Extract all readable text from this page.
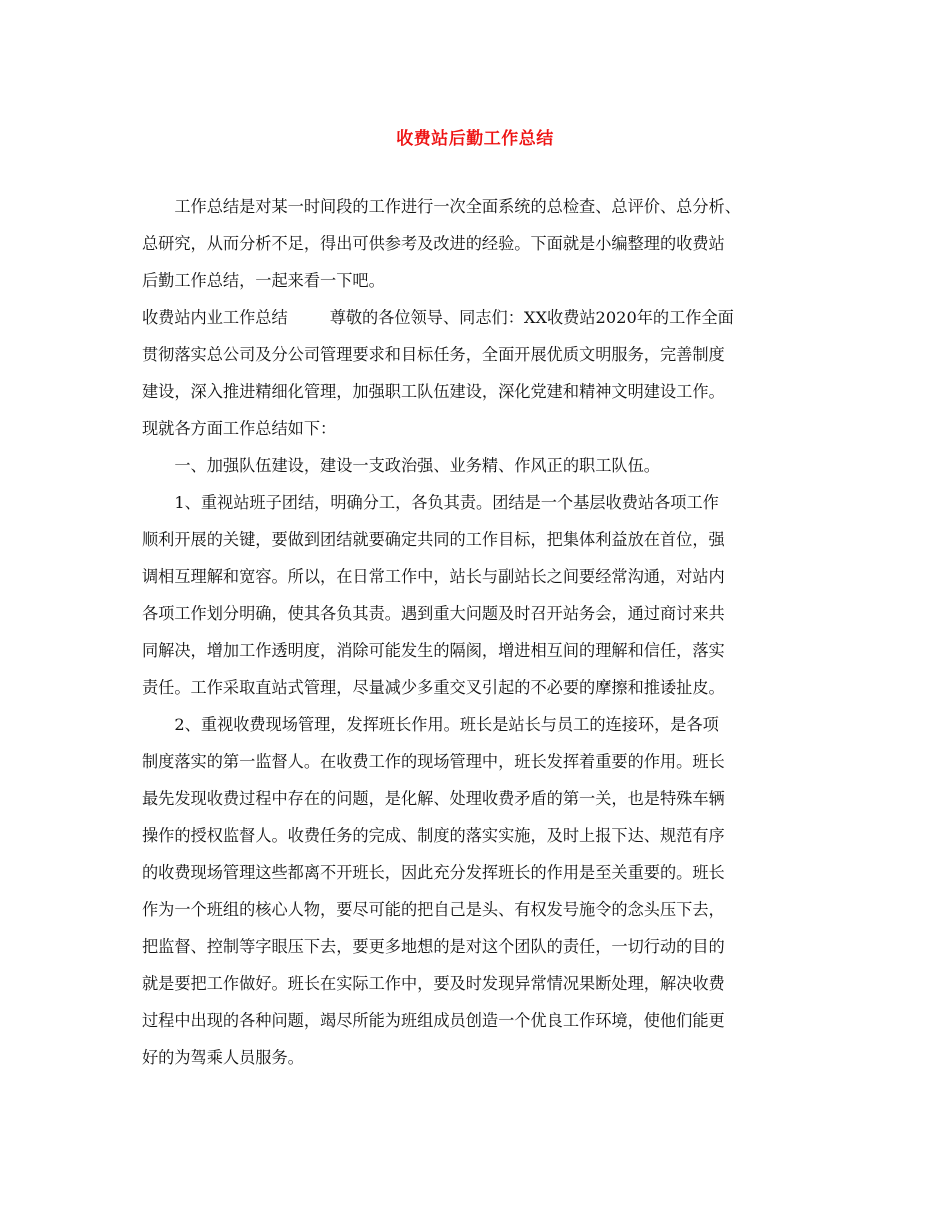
收费站后勤工作总结
　　工作总结是对某一时间段的工作进行一次全面系统的总检查、总评价、总分析、
总研究，从而分析不足，得出可供参考及改进的经验。下面就是小编整理的收费站
后勤工作总结，一起来看一下吧。
收费站内业工作总结	尊敬的各位领导、同志们：XX收费站2020年的工作全面
贯彻落实总公司及分公司管理要求和目标任务，全面开展优质文明服务，完善制度
建设，深入推进精细化管理，加强职工队伍建设，深化党建和精神文明建设工作。
现就各方面工作总结如下：
　　一、加强队伍建设，建设一支政治强、业务精、作风正的职工队伍。
　　1、重视站班子团结，明确分工，各负其责。团结是一个基层收费站各项工作
顺利开展的关键，要做到团结就要确定共同的工作目标，把集体利益放在首位，强
调相互理解和宽容。所以，在日常工作中，站长与副站长之间要经常沟通，对站内
各项工作划分明确，使其各负其责。遇到重大问题及时召开站务会，通过商讨来共
同解决，增加工作透明度，消除可能发生的隔阂，增进相互间的理解和信任，落实
责任。工作采取直站式管理，尽量减少多重交叉引起的不必要的摩擦和推诿扯皮。
　　2、重视收费现场管理，发挥班长作用。班长是站长与员工的连接环，是各项
制度落实的第一监督人。在收费工作的现场管理中，班长发挥着重要的作用。班长
最先发现收费过程中存在的问题，是化解、处理收费矛盾的第一关，也是特殊车辆
操作的授权监督人。收费任务的完成、制度的落实实施，及时上报下达、规范有序
的收费现场管理这些都离不开班长，因此充分发挥班长的作用是至关重要的。班长
作为一个班组的核心人物，要尽可能的把自己是头、有权发号施令的念头压下去，
把监督、控制等字眼压下去，要更多地想的是对这个团队的责任，一切行动的目的
就是要把工作做好。班长在实际工作中，要及时发现异常情况果断处理，解决收费
过程中出现的各种问题，竭尽所能为班组成员创造一个优良工作环境，使他们能更
好的为驾乘人员服务。
